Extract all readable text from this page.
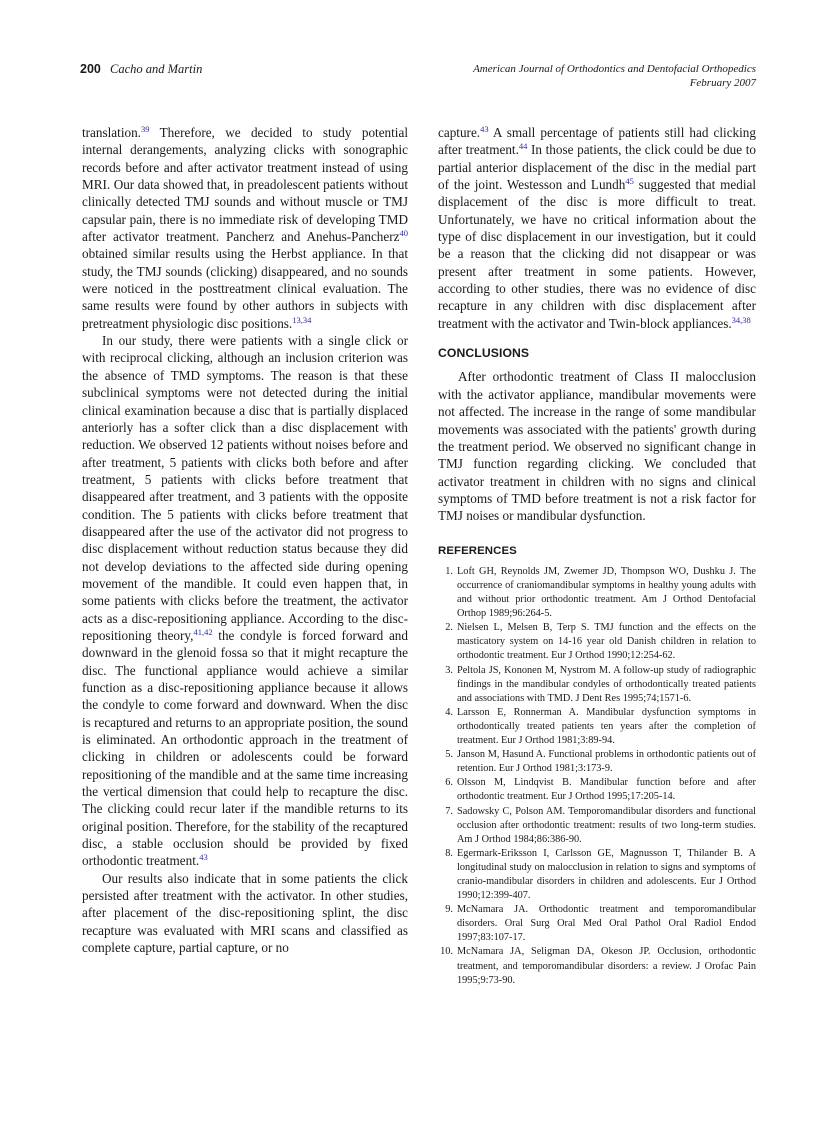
200 Cacho and Martin	American Journal of Orthodontics and Dentofacial Orthopedics
February 2007

translation.$^{39}$ Therefore, we decided to study potential internal derangements, analyzing clicks with sonographic records before and after activator treatment instead of using MRI. Our data showed that, in preadolescent patients without clinically detected TMJ sounds and without muscle or TMJ capsular pain, there is no immediate risk of developing TMD after activator treatment. Pancherz and Anehus-Pancherz$^{40}$ obtained similar results using the Herbst appliance. In that study, the TMJ sounds (clicking) disappeared, and no sounds were noticed in the posttreatment clinical evaluation. The same results were found by other authors in subjects with pretreatment physiologic disc positions.$^{13,34}$

In our study, there were patients with a single click or with reciprocal clicking, although an inclusion criterion was the absence of TMD symptoms. The reason is that these subclinical symptoms were not detected during the initial clinical examination because a disc that is partially displaced anteriorly has a softer click than a disc displacement with reduction. We observed 12 patients without noises before and after treatment, 5 patients with clicks both before and after treatment, 5 patients with clicks before treatment that disappeared after treatment, and 3 patients with the opposite condition. The 5 patients with clicks before treatment that disappeared after the use of the activator did not progress to disc displacement without reduction status because they did not develop deviations to the affected side during opening movement of the mandible. It could even happen that, in some patients with clicks before the treatment, the activator acts as a disc-repositioning appliance. According to the disc-repositioning theory,$^{41,42}$ the condyle is forced forward and downward in the glenoid fossa so that it might recapture the disc. The functional appliance would achieve a similar function as a disc-repositioning appliance because it allows the condyle to come forward and downward. When the disc is recaptured and returns to an appropriate position, the sound is eliminated. An orthodontic approach in the treatment of clicking in children or adolescents could be forward repositioning of the mandible and at the same time increasing the vertical dimension that could help to recapture the disc. The clicking could recur later if the mandible returns to its original position. Therefore, for the stability of the recaptured disc, a stable occlusion should be provided by fixed orthodontic treatment.$^{43}$

Our results also indicate that in some patients the click persisted after treatment with the activator. In other studies, after placement of the disc-repositioning splint, the disc recapture was evaluated with MRI scans and classified as complete capture, partial capture, or no

capture.$^{43}$ A small percentage of patients still had clicking after treatment.$^{44}$ In those patients, the click could be due to partial anterior displacement of the disc in the medial part of the joint. Westesson and Lundh$^{45}$ suggested that medial displacement of the disc is more difficult to treat. Unfortunately, we have no critical information about the type of disc displacement in our investigation, but it could be a reason that the clicking did not disappear or was present after treatment in some patients. However, according to other studies, there was no evidence of disc recapture in any children with disc displacement after treatment with the activator and Twin-block appliances.$^{34,38}$

CONCLUSIONS

After orthodontic treatment of Class II malocclusion with the activator appliance, mandibular movements were not affected. The increase in the range of some mandibular movements was associated with the patients' growth during the treatment period. We observed no significant change in TMJ function regarding clicking. We concluded that activator treatment in children with no signs and clinical symptoms of TMD before treatment is not a risk factor for TMJ noises or mandibular dysfunction.

REFERENCES
1. Loft GH, Reynolds JM, Zwemer JD, Thompson WO, Dushku J. The occurrence of craniomandibular symptoms in healthy young adults with and without prior orthodontic treatment. Am J Orthod Dentofacial Orthop 1989;96:264-5.
2. Nielsen L, Melsen B, Terp S. TMJ function and the effects on the masticatory system on 14-16 year old Danish children in relation to orthodontic treatment. Eur J Orthod 1990;12:254-62.
3. Peltola JS, Kononen M, Nystrom M. A follow-up study of radiographic findings in the mandibular condyles of orthodontically treated patients and associations with TMD. J Dent Res 1995;74;1571-6.
4. Larsson E, Ronnerman A. Mandibular dysfunction symptoms in orthodontically treated patients ten years after the completion of treatment. Eur J Orthod 1981;3:89-94.
5. Janson M, Hasund A. Functional problems in orthodontic patients out of retention. Eur J Orthod 1981;3:173-9.
6. Olsson M, Lindqvist B. Mandibular function before and after orthodontic treatment. Eur J Orthod 1995;17:205-14.
7. Sadowsky C, Polson AM. Temporomandibular disorders and functional occlusion after orthodontic treatment: results of two long-term studies. Am J Orthod 1984;86:386-90.
8. Egermark-Eriksson I, Carlsson GE, Magnusson T, Thilander B. A longitudinal study on malocclusion in relation to signs and symptoms of cranio-mandibular disorders in children and adolescents. Eur J Orthod 1990;12:399-407.
9. McNamara JA. Orthodontic treatment and temporomandibular disorders. Oral Surg Oral Med Oral Pathol Oral Radiol Endod 1997;83:107-17.
10. McNamara JA, Seligman DA, Okeson JP. Occlusion, orthodontic treatment, and temporomandibular disorders: a review. J Orofac Pain 1995;9:73-90.
